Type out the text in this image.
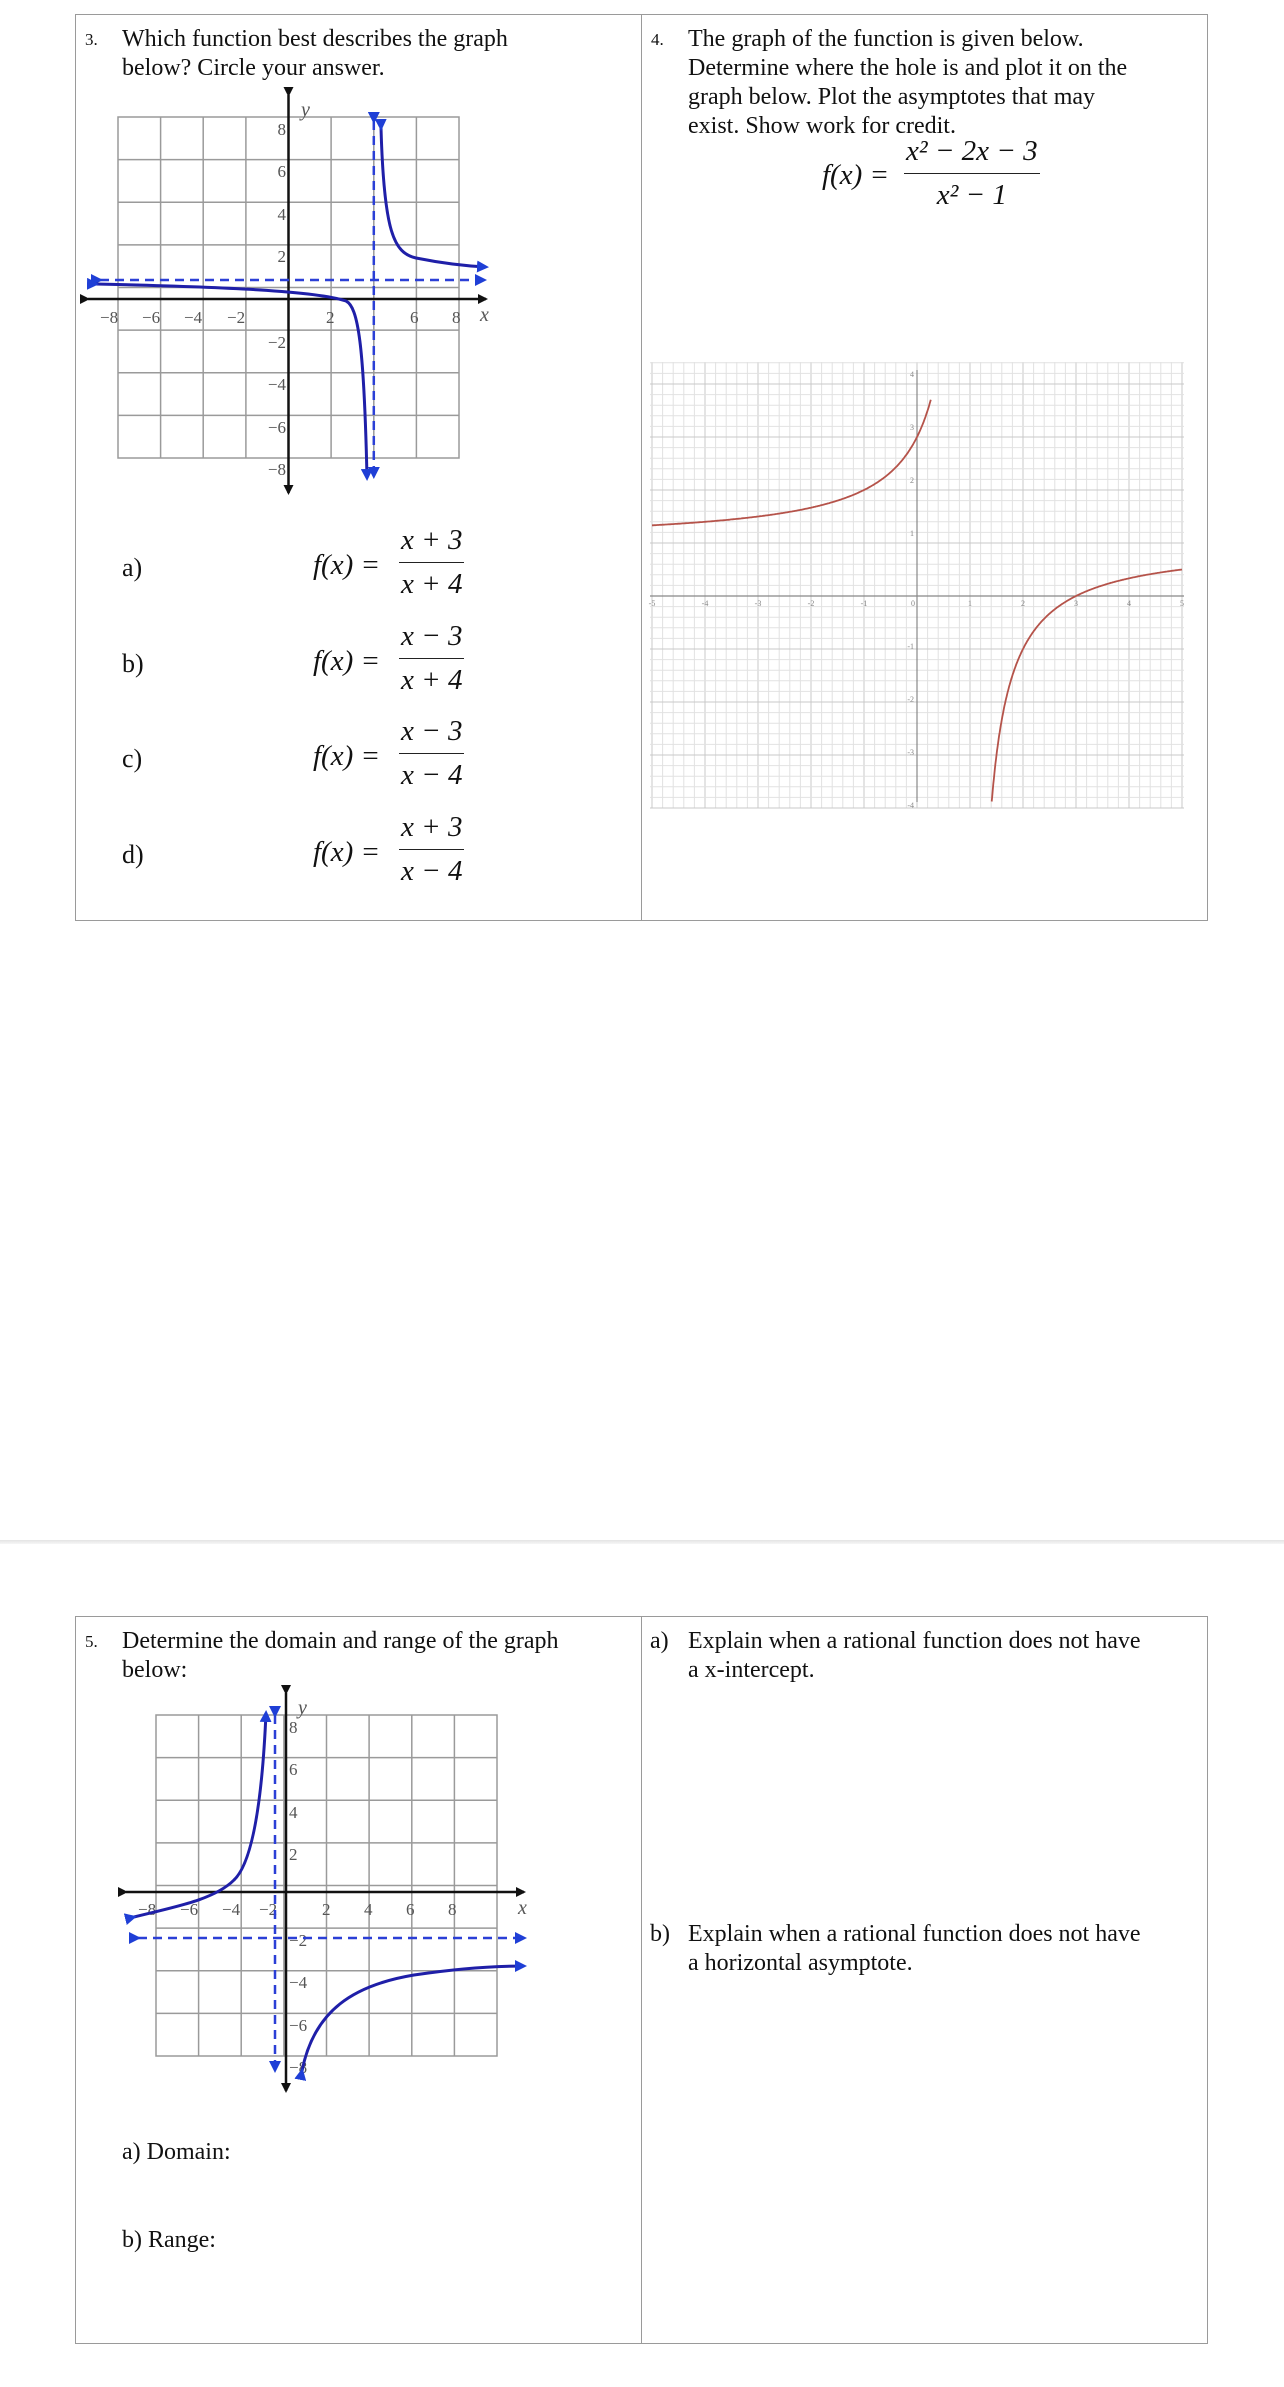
3. Which function best describes the graph
below? Circle your answer.
x
y
−8 −6 −4 −2	2	6 8
8
6
4
2
−2
−4
−6
−8
a)	$f(x) = \frac{x + 3}{x + 4}$
b)	$f(x) = \frac{x - 3}{x + 4}$
c)	$f(x) = \frac{x - 3}{x - 4}$
d)	$f(x) = \frac{x + 3}{x - 4}$
4. The graph of the function is given below.
Determine where the hole is and plot it on the
graph below. Plot the asymptotes that may
exist. Show work for credit.
$f(x) = \frac{\text{x² − 2x − 3}}{\text{x² − 1}}$
-5	-4	-3	-2	-1	0	1	2	3	4	5
4
3
2
1
-1
-2
-3
-4
5. Determine the domain and range of the graph
below:
x
y
−8 −6 −4 −2	2 4 6 8
8
6
4
2
−2
−4
−6
−8
a) Domain:
b) Range:
a) Explain when a rational function does not have
a x-intercept.
b) Explain when a rational function does not have
a horizontal asymptote.
